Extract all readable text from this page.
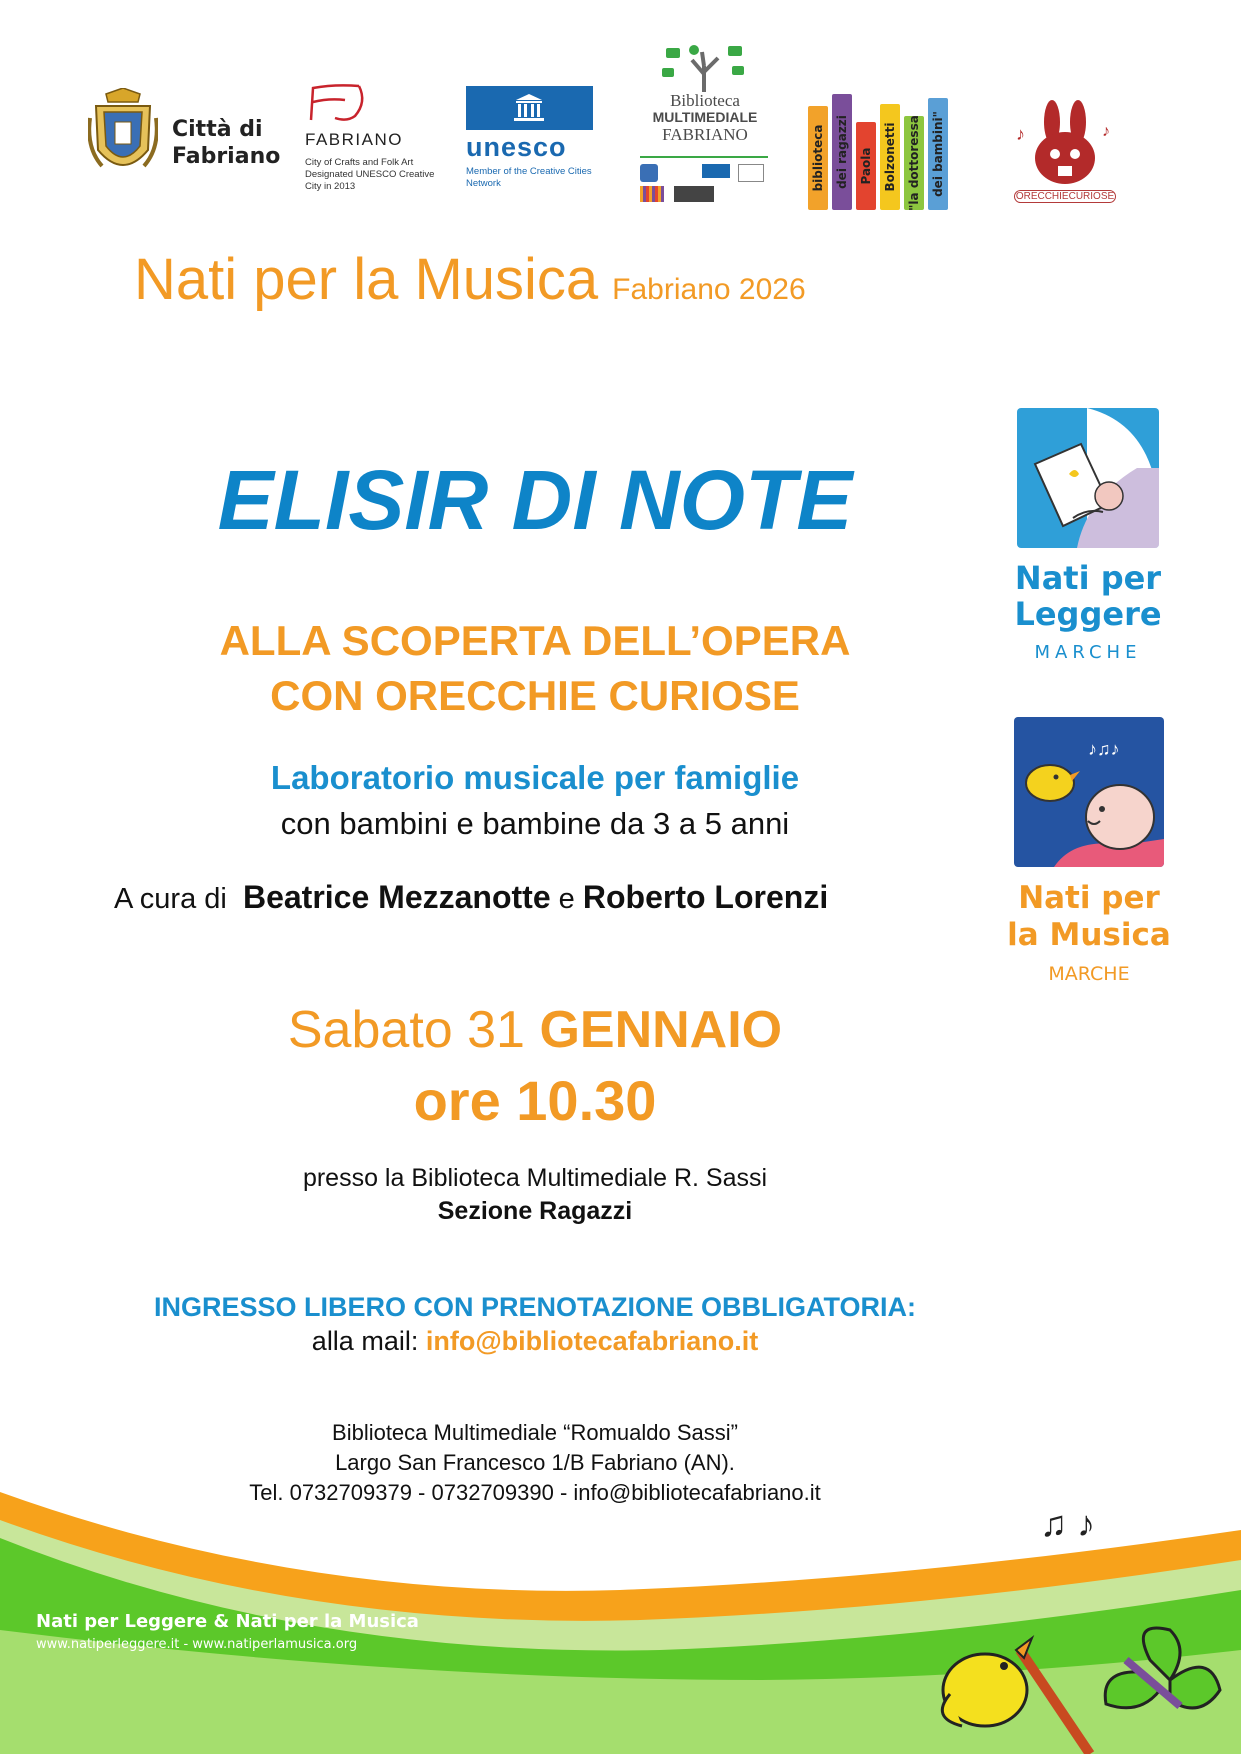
Città di
Fabriano
FABRIANO
City of Crafts and Folk Art Designated UNESCO Creative City in 2013
unesco
Member of the Creative Cities Network
Biblioteca
MULTIMEDIALE
FABRIANO	biblioteca dei ragazzi Paola Bolzonetti "la dottoressa dei bambini"	♪	♪
ORECCHIECURIOSE
Nati per la Musica Fabriano 2026
ELISIR DI NOTE
ALLA SCOPERTA DELL’OPERA
CON ORECCHIE CURIOSE
Laboratorio musicale per famiglie
con bambini e bambine da 3 a 5 anni
A cura di Beatrice Mezzanotte e Roberto Lorenzi
Sabato 31 GENNAIO
ore 10.30
presso la Biblioteca Multimediale R. Sassi
Sezione Ragazzi
INGRESSO LIBERO CON PRENOTAZIONE OBBLIGATORIA:
alla mail: info@bibliotecafabriano.it
Biblioteca Multimediale “Romualdo Sassi”
Largo San Francesco 1/B Fabriano (AN).
Tel. 0732709379 - 0732709390 - info@bibliotecafabriano.it
Nati per
Leggere
MARCHE
♪♫♪
Nati per
la Musica
MARCHE
♫ ♪
Nati per Leggere & Nati per la Musica
www.natiperleggere.it - www.natiperlamusica.org
